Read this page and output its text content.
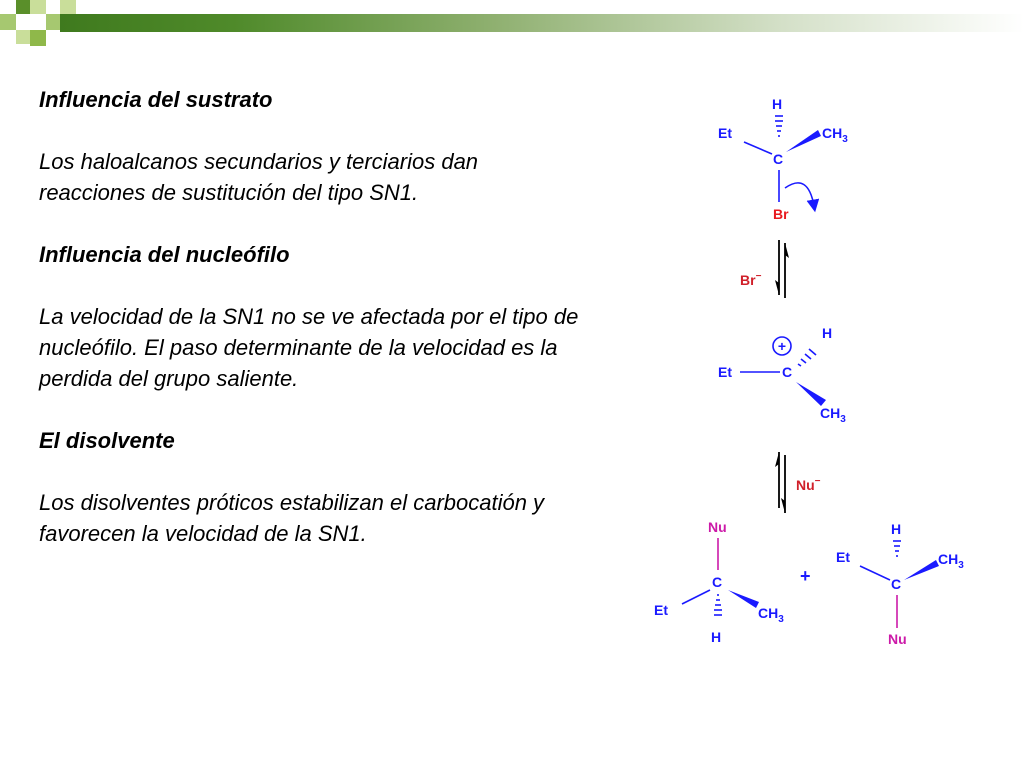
Influencia del sustrato

Los haloalcanos secundarios y terciarios dan

reacciones de sustitución del tipo SN1.

Influencia del nucleófilo

La velocidad de la SN1 no se ve afectada por el tipo de

nucleófilo. El paso determinante de la velocidad es la

perdida del grupo saliente.

El disolvente

Los disolventes próticos estabilizan el carbocatión y

favorecen la velocidad de la SN1.

H
Et	$CH_3$
C
Br
Br−
+
H
Et	C
$CH_3$
Nu−
Nu
C
Et	$CH_3$
H
+
H
Et	$CH_3$
C
Nu
